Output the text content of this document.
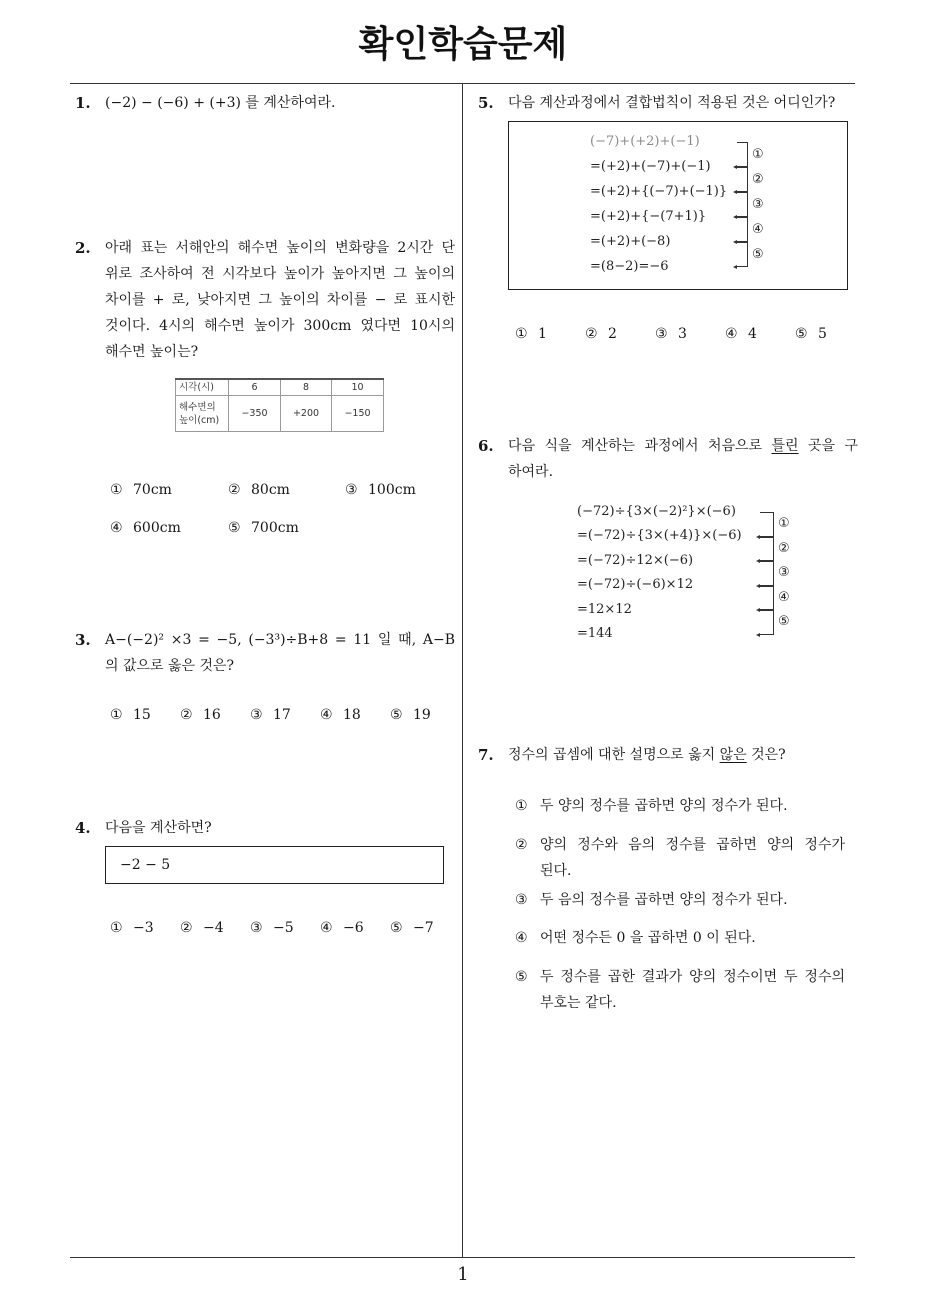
확인학습문제
1
1. (−2) − (−6) + (+3) 를 계산하여라.
2. 아래 표는 서해안의 해수면 높이의 변화량을 2시간 단
위로 조사하여 전 시각보다 높이가 높아지면 그 높이의
차이를 + 로, 낮아지면 그 높이의 차이를 − 로 표시한
것이다. 4시의 해수면 높이가 300cm 였다면 10시의
해수면 높이는?
시각(시)	6	8	10
해수면의
높이(cm)	−350	+200	−150
① 70cm	② 80cm	③ 100cm
④ 600cm	⑤ 700cm
3. A−(−2)² ×3 = −5, (−3³)÷B+8 = 11 일 때, A−B
의 값으로 옳은 것은?
① 15	② 16	③ 17	④ 18	⑤ 19
4. 다음을 계산하면?
−2 − 5
① −3	② −4	③ −5	④ −6	⑤ −7
5. 다음 계산과정에서 결합법칙이 적용된 것은 어디인가?
(−7)+(+2)+(−1)
=(+2)+(−7)+(−1)
=(+2)+{(−7)+(−1)}
=(+2)+{−(7+1)}
=(+2)+(−8)
=(8−2)=−6
①
②
③
④
⑤
① 1	② 2	③ 3	④ 4	⑤ 5
6. 다음 식을 계산하는 과정에서 처음으로 틀린 곳을 구
하여라.
(−72)÷{3×(−2)²}×(−6)
=(−72)÷{3×(+4)}×(−6)
=(−72)÷12×(−6)
=(−72)÷(−6)×12
=12×12
=144
①
②
③
④
⑤
7. 정수의 곱셈에 대한 설명으로 옳지 않은 것은?
① 두 양의 정수를 곱하면 양의 정수가 된다.
② 양의 정수와 음의 정수를 곱하면 양의 정수가
된다.
③ 두 음의 정수를 곱하면 양의 정수가 된다.
④ 어떤 정수든 0 을 곱하면 0 이 된다.
⑤ 두 정수를 곱한 결과가 양의 정수이면 두 정수의
부호는 같다.
